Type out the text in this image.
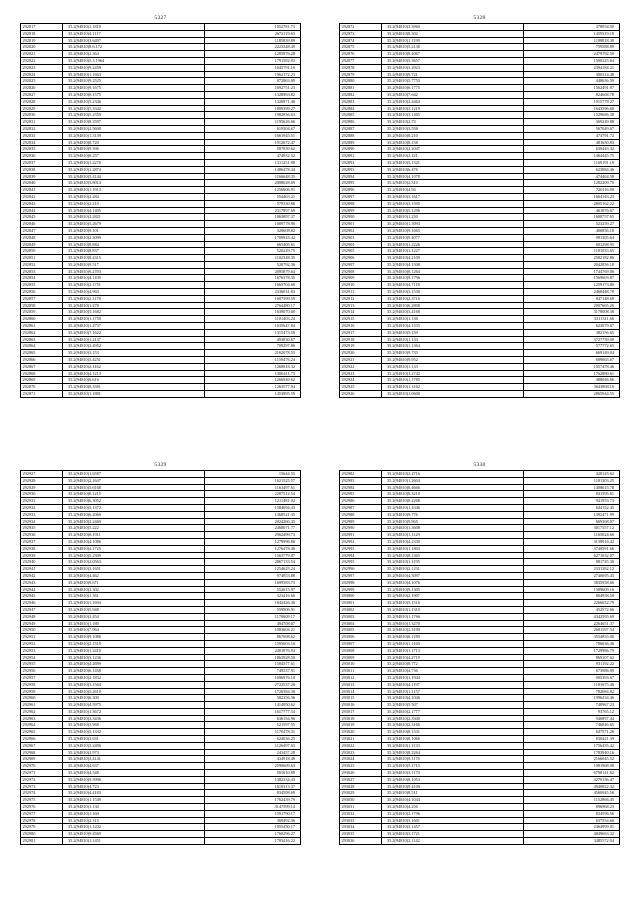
5327
292817	35.2(94810)1.1810	1052781.73
292818	35.2(94810)4.1117	2672119.63
292819	35.2(94810)3.6497	1185839.89
292820	35.2(94810)8.6.172	2223348.49
292821	35.2(94810)2.364	1285876.28
292822	35.2(94810)5.3.1964	1791582.93
292823	35.2(94810)9.2459	1645791.16
292824	35.2(94810)1.1663	1962172.23
292825	35.2(94810)9.2525	872863.89
292826	35.2(94810)9.1675	1692751.23
292827	35.2(94810)8.1575	1328963.82
292828	35.2(94810)5.2346	1326871.46
292829	35.2(94810)5.3342	1809399.27
292830	35.2(94810)5.2559	1982856.63
292831	35.2(94810)8.3597	1195626.66
292832	35.2(94810)2.5690	619304.67
292833	35.2(94810)1.3139	1661945.51
292834	35.2(94810)8.720	1912672.47
292835	35.2(94810)9.396	587839.62
292836	35.2(94810)8.257	474932.52
292837	35.2(94810)1.2270	1311251.98
292838	35.2(94810)1.2874	1486478.44
292839	35.2(94810)5.4144	1166648.35
292840	35.2(94810)3.8014	2088628.69
292841	35.2(94810)1.1913	1256606.91
292842	35.2(94810)2.284	554463.21
292843	35.2(94810)2.210	579330.86
292844	35.2(94810)4.1405	2317897.69
292845	35.2(94810)2.2821	1863897.37
292846	35.2(94810)5.2679	1689778.96
292847	35.2(94810)9.101	328608.82
292848	35.2(94810)2.3099	1709943.42
292849	35.2(94810)8.884	665405.61
292850	35.2(94810)8.837	520229.75
292851	35.2(94810)8.4315	1102348.35
292852	35.2(94810)9.517	520792.36
292853	35.2(94810)9.2703	2095879.64
292854	35.2(94810)4.1109	1676378.35
292855	35.2(94810)2.1751	1665704.68
292856	35.2(94810)4.963	2336031.83
292857	35.2(94810)2.1178	1607599.59
292858	35.2(94810)1.478	2764480.17
292859	35.2(94810)5.1682	1639070.60
292860	35.2(94810)1.1750	1101403.24
292861	35.2(94810)1.4737	1635647.84
292862	35.2(94810)7.1622	1315473.59
292863	35.2(94810)1.2137	493830.67
292864	35.2(94810)2.4952	709297.86
292865	35.2(94810)3.153	2162078.55
292866	35.2(94810)3.4251	1159476.24
292867	35.2(94810)2.1162	1260818.32
292868	35.2(94810)4.1213	1300411.73
292869	35.2(94810)6.616	1266949.62
292870	35.2(94810)8.3581	1263577.94
292871	35.2(94810)1.1881	1453895.59
5328
292872	35.2(94810)3.3960	378054.50
292873	35.2(94810)8.302	1459319.18
292874	35.2(94810)1.1199	1188818.30
292875	35.2(94810)5.2138	759588.89
292876	35.2(94810)8.4067	2479792.50
292877	35.2(94810)5.3657	1590225.64
292878	35.2(94810)3.2923	2394184.21
292879	35.2(94810)9.721	300314.48
292880	35.2(94810)5.7753	448636.59
292881	35.2(94810)6.1775	1562491.97
292882	35.2(94810)7.642	824668.78
292883	35.2(94810)2.2464	1915778.27
292884	35.2(94810)3.1219	1643596.68
292885	35.2(94810)3.1465	1529686.38
292886	35.2(94810)2.73	369249.88
292887	35.2(94810)3.558	567049.67
292888	35.2(94810)8.210	473791.72
292889	35.2(94810)8.158	481650.83
292890	35.2(94810)2.2047	639443.32
292891	35.2(94810)2.121	1464445.75
292892	35.2(94810)5.1321	1169191.19
292893	35.2(94810)6.476	623884.46
292894	35.2(94810)4.1078	474464.58
292895	35.2(94810)2.310	1282209.70
292896	35.2(94810)4.94	726116.09
292897	35.2(94810)3.1617	1664143.23
292898	35.2(94810)3.1595	2805162.22
292899	35.2(94810)5.1296	461876.67
292900	35.2(94810)1.250	1608757.65
292901	35.2(94810)1.3093	523259.27
292902	35.2(94810)9.1665	406856.18
292903	35.2(94810)9.4077	981305.64
292904	35.2(94810)1.2226	601298.95
292905	35.2(94810)1.1227	1181033.65
292906	35.2(94810)4.2109	2582182.86
292907	35.2(94810)4.1508	2042856.18
292908	35.2(94810)8.1264	1744769.00
292909	35.2(94810)9.1796	1569603.87
292910	35.2(94810)4.7118	1259173.80
292911	35.2(94810)3.1530	2468448.70
292912	35.2(94810)2.3716	847148.68
292913	35.2(94810)6.2898	2007665.26
292914	35.2(94810)3.4168	3178008.36
292915	35.2(94810)1.136	3311311.66
292916	35.2(94810)4.1535	623679.67
292917	35.2(94810)5.159	382156.65
292918	35.2(94810)1.133	3727759.09
292919	35.2(94810)1.1364	577772.65
292920	35.2(94810)9.733	669149.04
292921	35.2(94810)9.952	689665.67
292922	35.2(94810)1.133	1057478.46
292923	35.2(94810)1.2742	1762880.61
292924	35.2(94810)1.1785	488046.66
292925	35.2(94810)1.3162	3643868.16
292926	35.2(94810)1.0600	2865944.55
5329
292927	35.2(94810)1.6587	15644.55
292928	35.2(94810)2.1647	1621525.57
292929	35.2(94810)5.6168	1163497.61
292930	35.2(94810)8.1215	2287512.54
292931	35.2(94810)6.3052	1211481.02
292932	35.2(94810)5.1372	1584694.43
292933	35.2(94810)6.2060	1368521.35
292934	35.2(94810)2.2460	2024260.45
292935	35.2(94810)5.222	2468071.77
292936	35.2(94810)8.1911	2962499.73
292937	35.2(94810)4.1086	1279996.86
292938	35.2(94810)4.1725	1276478.46
292939	35.2(94810)5.2309	1563779.07
292940	35.2(94810)2.0563	2867133.54
292941	35.2(94810)3.1651	1254625.24
292942	35.2(94810)4.462	974853.88
292943	35.2(94810)9.671	1699583.73
292944	35.2(94810)3.302	552615.97
292945	35.2(94810)1.361	323416.66
292946	35.2(94810)1.1694	1842426.36
292947	35.2(94810)5.948	559906.91
292948	35.2(94810)3.454	1170609.17
292949	35.2(94810)1.180	494708.07
292950	35.2(94810)7.964	1083604.21
292951	35.2(94810)9.1086	867698.62
292952	35.2(94810)2.1519	1595603.16
292953	35.2(94810)1.2410	2401876.94
292954	35.2(94810)3.1236	1863928.50
292955	35.2(94810)4.2699	1584377.61
292956	35.2(94810)6.1458	749537.91
292957	35.2(94810)2.1832	1696976.10
292958	35.2(94810)3.1564	2722537.28
292959	35.2(94810)5.2610	1726584.30
292960	35.2(94810)6.300	582356.36
292961	35.2(94810)4.5975	1414950.62
292962	35.2(94810)1.3672	1617777.54
292963	35.2(94810)3.3436	636154.96
292964	35.2(94810)3.968	521597.55
292965	35.2(94810)5.1332	1170478.31
292966	35.2(94810)3.631	624036.25
292967	35.2(94810)3.2496	1126497.63
292968	35.2(94810)2.973	243457.20
292969	35.2(94810)3.4141	434918.48
292970	35.2(94810)4.637	2590609.63
292971	35.2(94810)4.548	581610.89
292972	35.2(94810)9.3996	1382234.43
292973	35.2(94810)4.723	1610313.37
292974	35.2(94810)4.4183	834598.69
292975	35.2(94810)1.1549	1762439.79
292976	35.2(94810)1.130	3147599.14
292977	35.2(94810)1.160	1591790.17
292978	35.2(94810)2.315	369492.36
292979	35.2(94810)1.1202	1955450.17
292980	35.2(94810)9.4569	1760296.27
292981	35.2(94810)1.1451	1783416.22
5330
292982	35.2(94810)2.2716	428145.62
292983	35.2(94810)1.2604	1181303.25
292984	35.2(94810)8.4666	1408615.78
292985	35.2(94810)8.3210	841595.61
292986	35.2(94810)8.2268	941953.73
292987	35.2(94810)1.4346	644152.45
292988	35.2(94810)9.776	1392471.99
292989	35.2(94810)9.865	669368.07
292990	35.2(94810)1.3608	3017557.12
292991	35.2(94810)1.1129	1165024.66
292992	35.2(94810)4.2330	3138916.42
292993	35.2(94810)1.1803	3740591.66
292994	35.2(94810)8.1365	6271032.07
292995	35.2(94810)1.1195	881745.30
292996	35.2(94810)2.1231	2331382.12
292997	35.2(94810)4.3097	2740695.43
292998	35.2(94810)4.1076	3835958.66
292999	35.2(94810)9.1305	1589609.16
293000	35.2(94810)2.1907	864958.50
293001	35.2(94810)5.1516	2266652.79
293002	35.2(94810)1.1310	452572.66
293003	35.2(94810)1.1766	4342595.69
293004	35.2(94810)1.3270	2264651.37
293005	35.2(94810)2.3190	2681597.54
293006	35.2(94810)6.1189	3554855.00
293007	35.2(94810)1.1160	786636.46
293008	35.2(94810)1.1713	1729986.79
293009	35.2(94810)4.2719	869107.62
293010	35.2(94810)8.772	931192.22
293011	35.2(94810)4.736	673986.09
293012	35.2(94810)1.1944	905393.67
293013	35.2(94810)4.1197	1181675.46
293014	35.2(94810)1.1157	782084.82
293015	35.2(94810)4.1046	1996434.46
293016	35.2(94810)5.507	748967.23
293017	35.2(94810)2.1777	93765.12
293018	35.2(94810)2.3300	946897.44
293019	35.2(94810)2.3166	746846.65
293020	35.2(94810)8.1531	647571.26
293021	35.2(94810)8.1066	830421.39
293022	35.2(94810)1.1133	1756435.42
293023	35.2(94810)8.2264	1783940.16
293024	35.2(94810)9.1176	2166045.52
293025	35.2(94810)5.1713	1981968.08
293026	35.2(94810)3.1170	6798141.62
293027	35.2(94810)8.1053	3279156.47
293028	35.2(94810)9.4100	4940822.32
293029	35.2(94810)8.511	4560045.56
293030	35.2(94810)4.1044	1152866.45
293031	35.2(94810)4.256	896968.23
293032	35.2(94810)2.1796	834596.56
293033	35.2(94810)3.1601	637554.60
293034	35.2(94810)3.1457	2464999.01
293035	35.2(94810)3.1721	4849663.32
293036	35.2(94810)2.1142	3485572.04
